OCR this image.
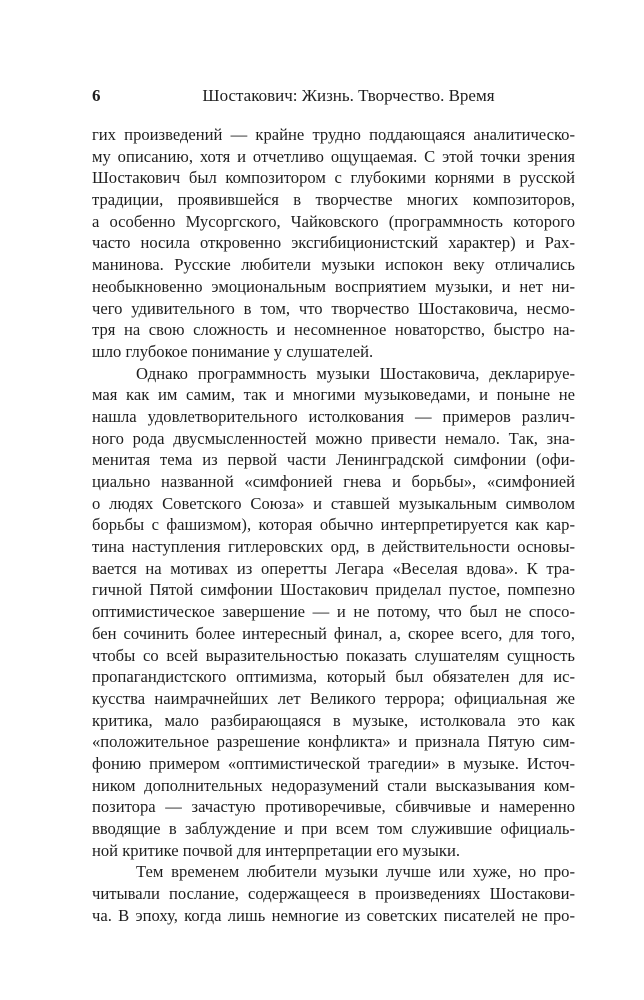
6	Шостакович: Жизнь. Творчество. Время
гих произведений — крайне трудно поддающаяся аналитическо-
му описанию, хотя и отчетливо ощущаемая. С этой точки зрения
Шостакович был композитором с глубокими корнями в русской
традиции, проявившейся в творчестве многих композиторов,
а особенно Мусоргского, Чайковского (программность которого
часто носила откровенно эксгибиционистский характер) и Рах-
манинова. Русские любители музыки испокон веку отличались
необыкновенно эмоциональным восприятием музыки, и нет ни-
чего удивительного в том, что творчество Шостаковича, несмо-
тря на свою сложность и несомненное новаторство, быстро на-
шло глубокое понимание у слушателей.
Однако программность музыки Шостаковича, декларируе-
мая как им самим, так и многими музыковедами, и поныне не
нашла удовлетворительного истолкования — примеров различ-
ного рода двусмысленностей можно привести немало. Так, зна-
менитая тема из первой части Ленинградской симфонии (офи-
циально названной «симфонией гнева и борьбы», «симфонией
о людях Советского Союза» и ставшей музыкальным символом
борьбы с фашизмом), которая обычно интерпретируется как кар-
тина наступления гитлеровских орд, в действительности основы-
вается на мотивах из оперетты Легара «Веселая вдова». К тра-
гичной Пятой симфонии Шостакович приделал пустое, помпезно
оптимистическое завершение — и не потому, что был не спосо-
бен сочинить более интересный финал, а, скорее всего, для того,
чтобы со всей выразительностью показать слушателям сущность
пропагандистского оптимизма, который был обязателен для ис-
кусства наимрачнейших лет Великого террора; официальная же
критика, мало разбирающаяся в музыке, истолковала это как
«положительное разрешение конфликта» и признала Пятую сим-
фонию примером «оптимистической трагедии» в музыке. Источ-
ником дополнительных недоразумений стали высказывания ком-
позитора — зачастую противоречивые, сбивчивые и намеренно
вводящие в заблуждение и при всем том служившие официаль-
ной критике почвой для интерпретации его музыки.
Тем временем любители музыки лучше или хуже, но про-
читывали послание, содержащееся в произведениях Шостакови-
ча. В эпоху, когда лишь немногие из советских писателей не про-
